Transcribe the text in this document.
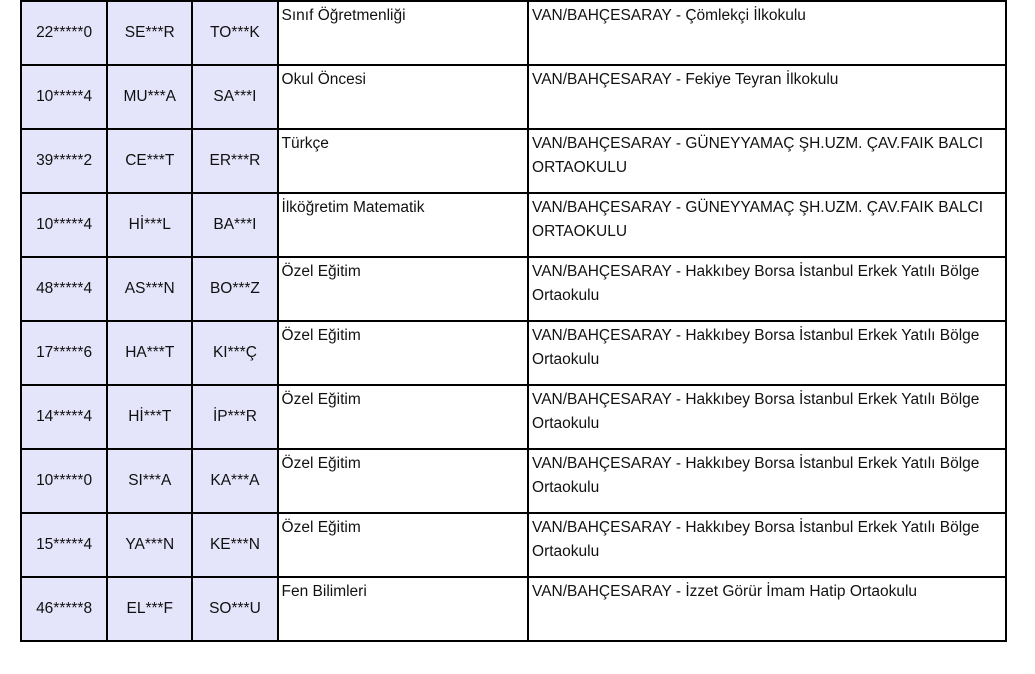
22*****0	SE***R	TO***K	Sınıf Öğretmenliği	VAN/BAHÇESARAY - Çömlekçi İlkokulu
10*****4	MU***A	SA***I	Okul Öncesi	VAN/BAHÇESARAY - Fekiye Teyran İlkokulu
39*****2	CE***T	ER***R	Türkçe	VAN/BAHÇESARAY - GÜNEYYAMAÇ ŞH.UZM. ÇAV.FAIK BALCI ORTAOKULU
10*****4	Hİ***L	BA***I	İlköğretim Matematik	VAN/BAHÇESARAY - GÜNEYYAMAÇ ŞH.UZM. ÇAV.FAIK BALCI ORTAOKULU
48*****4	AS***N	BO***Z	Özel Eğitim	VAN/BAHÇESARAY - Hakkıbey Borsa İstanbul Erkek Yatılı Bölge Ortaokulu
17*****6	HA***T	KI***Ç	Özel Eğitim	VAN/BAHÇESARAY - Hakkıbey Borsa İstanbul Erkek Yatılı Bölge Ortaokulu
14*****4	Hİ***T	İP***R	Özel Eğitim	VAN/BAHÇESARAY - Hakkıbey Borsa İstanbul Erkek Yatılı Bölge Ortaokulu
10*****0	SI***A	KA***A	Özel Eğitim	VAN/BAHÇESARAY - Hakkıbey Borsa İstanbul Erkek Yatılı Bölge Ortaokulu
15*****4	YA***N	KE***N	Özel Eğitim	VAN/BAHÇESARAY - Hakkıbey Borsa İstanbul Erkek Yatılı Bölge Ortaokulu
46*****8	EL***F	SO***U	Fen Bilimleri	VAN/BAHÇESARAY - İzzet Görür İmam Hatip Ortaokulu
